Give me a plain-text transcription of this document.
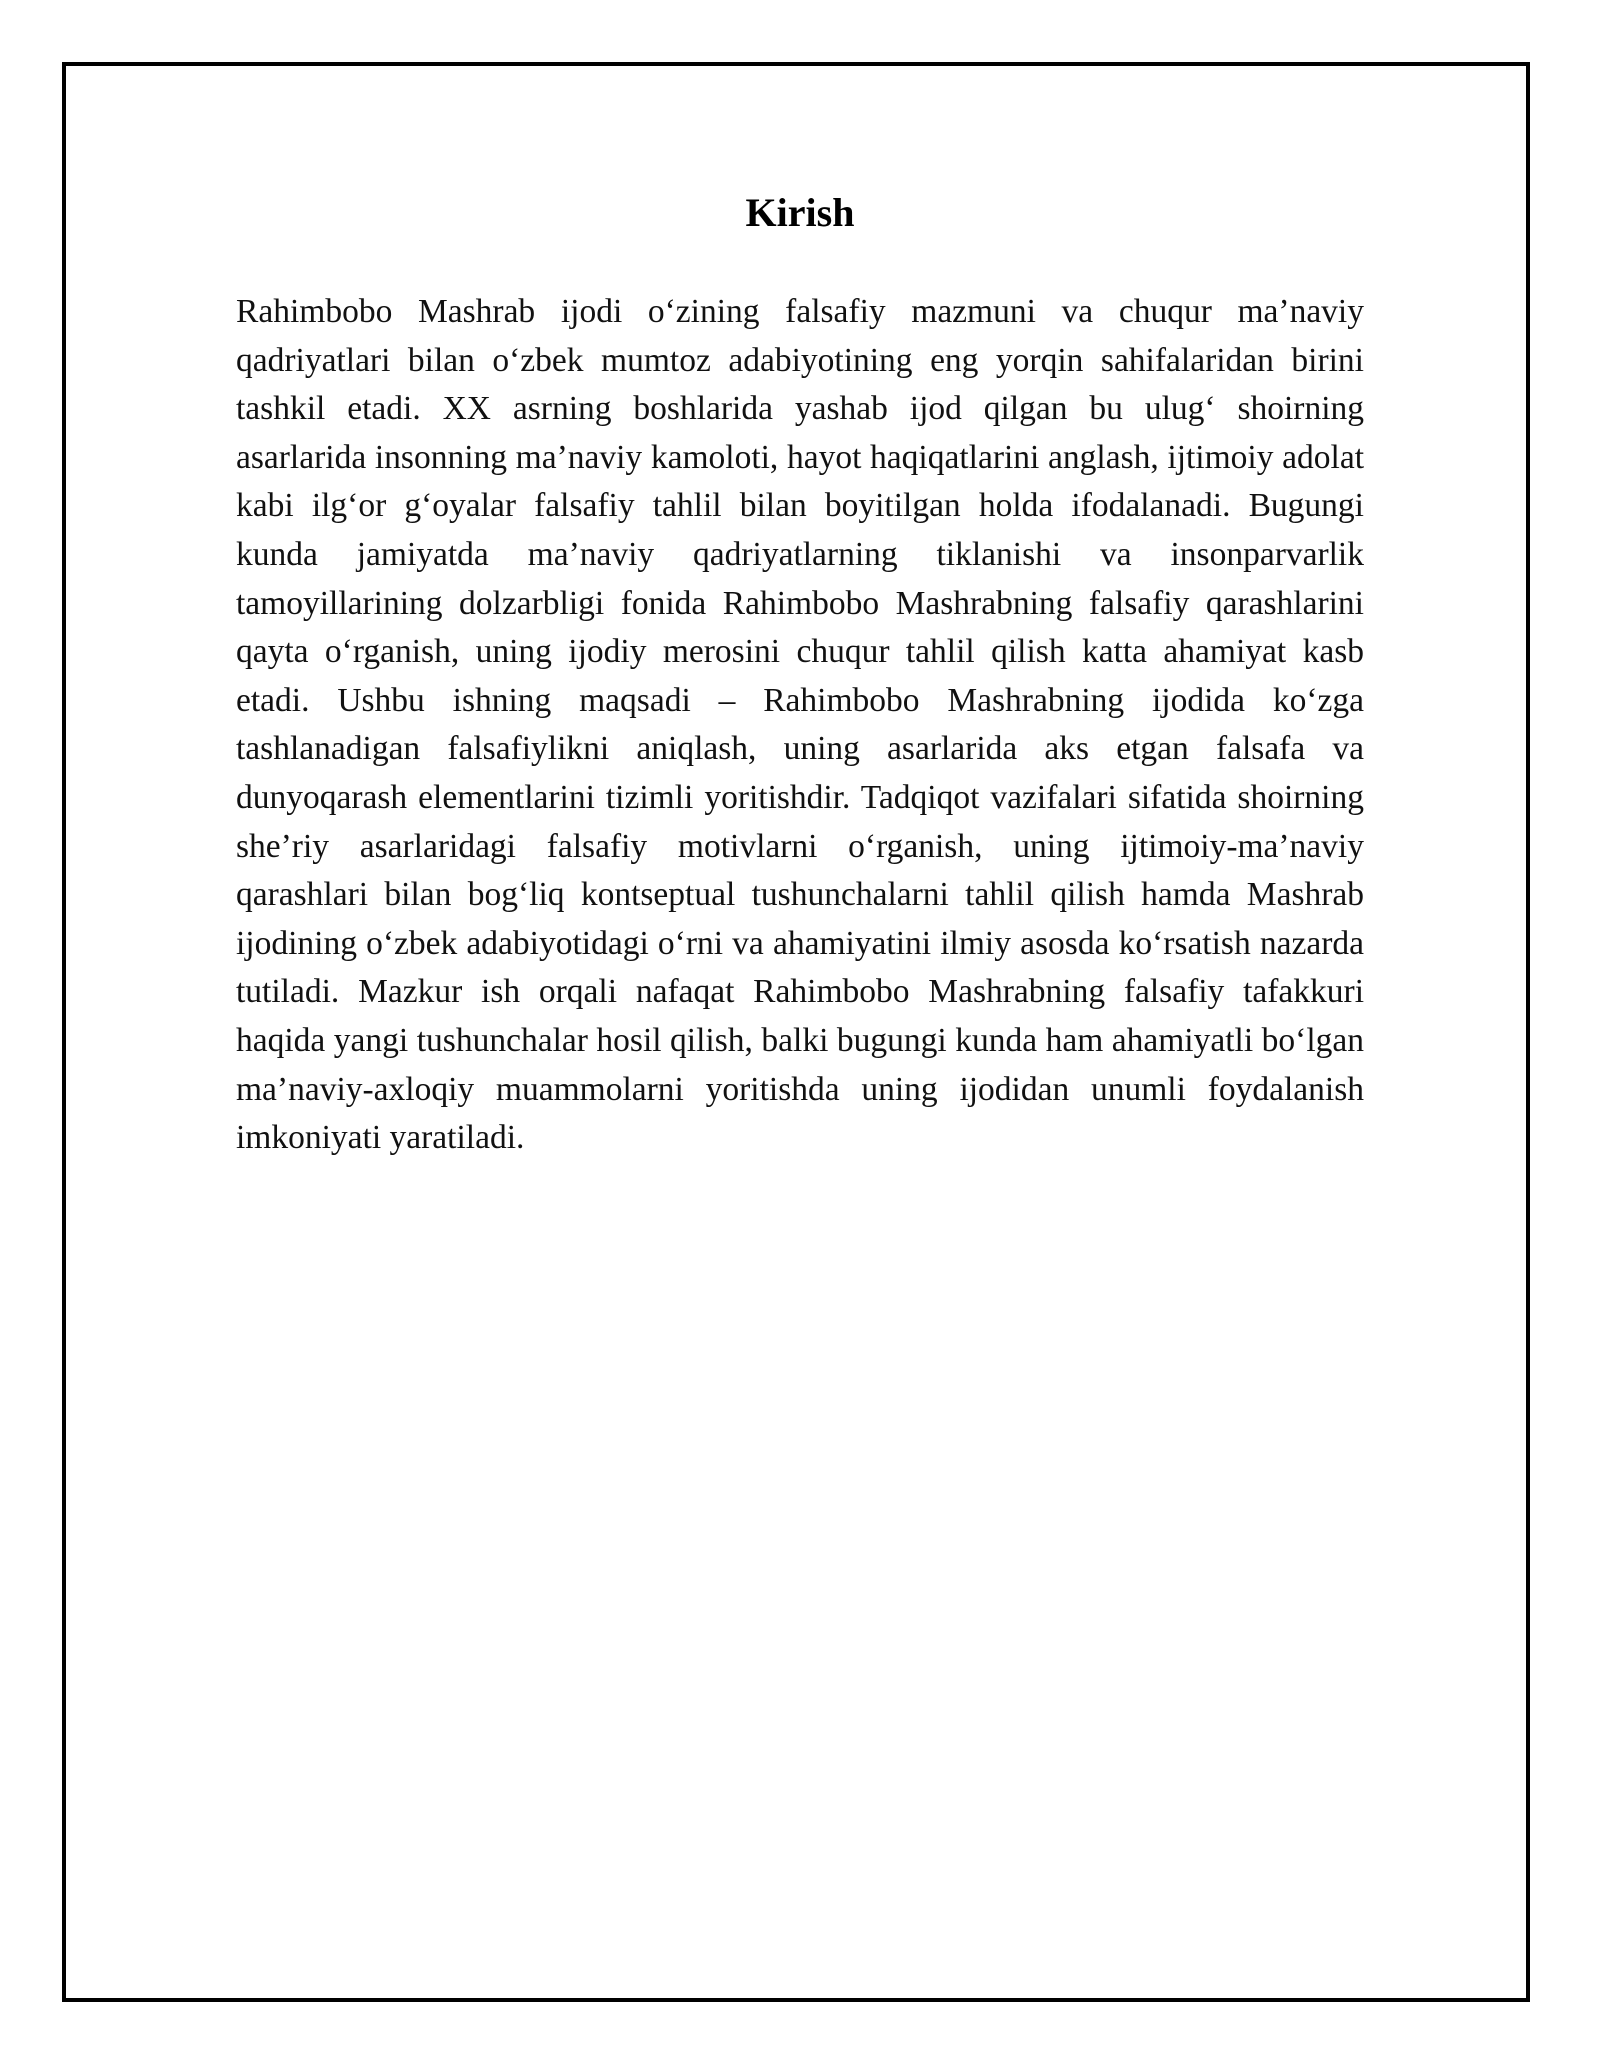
Kirish

Rahimbobo Mashrab ijodi o‘zining falsafiy mazmuni va chuqur ma’naviy qadriyatlari bilan o‘zbek mumtoz adabiyotining eng yorqin sahifalaridan birini tashkil etadi. XX asrning boshlarida yashab ijod qilgan bu ulug‘ shoirning asarlarida insonning ma’naviy kamoloti, hayot haqiqatlarini anglash, ijtimoiy adolat kabi ilg‘or g‘oyalar falsafiy tahlil bilan boyitilgan holda ifodalanadi. Bugungi kunda jamiyatda ma’naviy qadriyatlarning tiklanishi va insonparvarlik tamoyillarining dolzarbligi fonida Rahimbobo Mashrabning falsafiy qarashlarini qayta o‘rganish, uning ijodiy merosini chuqur tahlil qilish katta ahamiyat kasb etadi. Ushbu ishning maqsadi – Rahimbobo Mashrabning ijodida ko‘zga tashlanadigan falsafiylikni aniqlash, uning asarlarida aks etgan falsafa va dunyoqarash elementlarini tizimli yoritishdir. Tadqiqot vazifalari sifatida shoirning she’riy asarlaridagi falsafiy motivlarni o‘rganish, uning ijtimoiy-ma’naviy qarashlari bilan bog‘liq kontseptual tushunchalarni tahlil qilish hamda Mashrab ijodining o‘zbek adabiyotidagi o‘rni va ahamiyatini ilmiy asosda ko‘rsatish nazarda tutiladi. Mazkur ish orqali nafaqat Rahimbobo Mashrabning falsafiy tafakkuri haqida yangi tushunchalar hosil qilish, balki bugungi kunda ham ahamiyatli bo‘lgan ma’naviy-axloqiy muammolarni yoritishda uning ijodidan unumli foydalanish imkoniyati yaratiladi.
